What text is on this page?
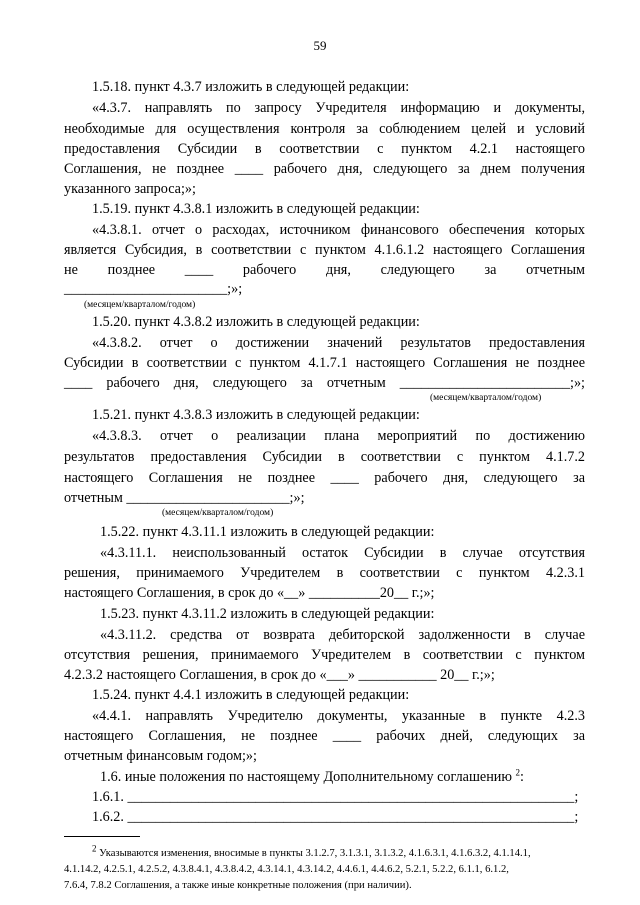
59
1.5.18. пункт 4.3.7 изложить в следующей редакции:
«4.3.7. направлять по запросу Учредителя информацию и документы,
необходимые для осуществления контроля за соблюдением целей и условий
предоставления Субсидии в соответствии с пунктом 4.2.1 настоящего
Соглашения, не позднее ____ рабочего дня, следующего за днем получения
указанного запроса;»;
1.5.19. пункт 4.3.8.1 изложить в следующей редакции:
«4.3.8.1. отчет о расходах, источником финансового обеспечения которых
является Субсидия, в соответствии с пунктом 4.1.6.1.2 настоящего Соглашения
не позднее ____ рабочего дня, следующего за отчетным
_______________________;»;
(месяцем/кварталом/годом)
1.5.20. пункт 4.3.8.2 изложить в следующей редакции:
«4.3.8.2. отчет о достижении значений результатов предоставления
Субсидии в соответствии с пунктом 4.1.7.1 настоящего Соглашения не позднее
____ рабочего дня, следующего за отчетным ________________________;»;
(месяцем/кварталом/годом)
1.5.21. пункт 4.3.8.3 изложить в следующей редакции:
«4.3.8.3. отчет о реализации плана мероприятий по достижению
результатов предоставления Субсидии в соответствии с пунктом 4.1.7.2
настоящего Соглашения не позднее ____ рабочего дня, следующего за
отчетным _______________________;»;
(месяцем/кварталом/годом)
1.5.22. пункт 4.3.11.1 изложить в следующей редакции:
«4.3.11.1. неиспользованный остаток Субсидии в случае отсутствия
решения, принимаемого Учредителем в соответствии с пунктом 4.2.3.1
настоящего Соглашения, в срок до «__» __________20__ г.;»;
1.5.23. пункт 4.3.11.2 изложить в следующей редакции:
«4.3.11.2. средства от возврата дебиторской задолженности в случае
отсутствия решения, принимаемого Учредителем в соответствии с пунктом
4.2.3.2 настоящего Соглашения, в срок до «___» ___________ 20__ г.;»;
1.5.24. пункт 4.4.1 изложить в следующей редакции:
«4.4.1. направлять Учредителю документы, указанные в пункте 4.2.3
настоящего Соглашения, не позднее ____ рабочих дней, следующих за
отчетным финансовым годом;»;
1.6. иные положения по настоящему Дополнительному соглашению $^2$:
1.6.1. _______________________________________________________________;
1.6.2. _______________________________________________________________;
$^2$ Указываются изменения, вносимые в пункты 3.1.2.7, 3.1.3.1, 3.1.3.2, 4.1.6.3.1, 4.1.6.3.2, 4.1.14.1,
4.1.14.2, 4.2.5.1, 4.2.5.2, 4.3.8.4.1, 4.3.8.4.2, 4.3.14.1, 4.3.14.2, 4.4.6.1, 4.4.6.2, 5.2.1, 5.2.2, 6.1.1, 6.1.2,
7.6.4, 7.8.2 Соглашения, а также иные конкретные положения (при наличии).
